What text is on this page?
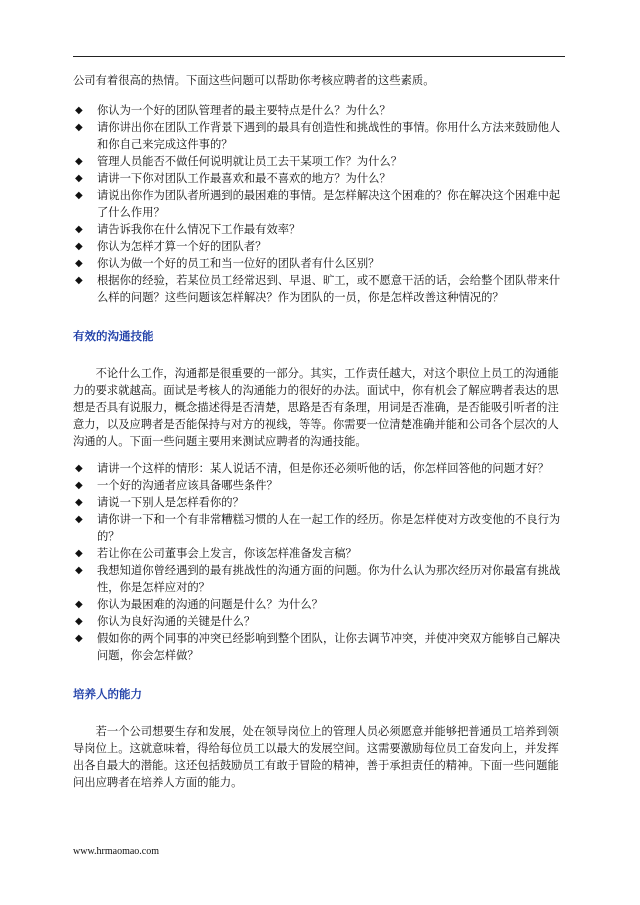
公司有着很高的热情。下面这些问题可以帮助你考核应聘者的这些素质。

◆ 你认为一个好的团队管理者的最主要特点是什么？为什么？
◆ 请你讲出你在团队工作背景下遇到的最具有创造性和挑战性的事情。你用什么方法来鼓励他人和你自己来完成这件事的？
◆ 管理人员能否不做任何说明就让员工去干某项工作？为什么？
◆ 请讲一下你对团队工作最喜欢和最不喜欢的地方？为什么？
◆ 请说出你作为团队者所遇到的最困难的事情。是怎样解决这个困难的？你在解决这个困难中起了什么作用？
◆ 请告诉我你在什么情况下工作最有效率？
◆ 你认为怎样才算一个好的团队者？
◆ 你认为做一个好的员工和当一位好的团队者有什么区别？
◆ 根据你的经验，若某位员工经常迟到、早退、旷工，或不愿意干活的话，会给整个团队带来什么样的问题？这些问题该怎样解决？作为团队的一员，你是怎样改善这种情况的？
有效的沟通技能

不论什么工作，沟通都是很重要的一部分。其实，工作责任越大，对这个职位上员工的沟通能力的要求就越高。面试是考核人的沟通能力的很好的办法。面试中，你有机会了解应聘者表达的思想是否具有说服力，概念描述得是否清楚，思路是否有条理，用词是否准确，是否能吸引听者的注意力，以及应聘者是否能保持与对方的视线，等等。你需要一位清楚准确并能和公司各个层次的人沟通的人。下面一些问题主要用来测试应聘者的沟通技能。

◆ 请讲一个这样的情形：某人说话不清，但是你还必须听他的话，你怎样回答他的问题才好？
◆ 一个好的沟通者应该具备哪些条件？
◆ 请说一下别人是怎样看你的？
◆ 请你讲一下和一个有非常糟糕习惯的人在一起工作的经历。你是怎样使对方改变他的不良行为的？
◆ 若让你在公司董事会上发言，你该怎样准备发言稿？
◆ 我想知道你曾经遇到的最有挑战性的沟通方面的问题。你为什么认为那次经历对你最富有挑战性，你是怎样应对的？
◆ 你认为最困难的沟通的问题是什么？为什么？
◆ 你认为良好沟通的关键是什么？
◆ 假如你的两个同事的冲突已经影响到整个团队，让你去调节冲突，并使冲突双方能够自己解决问题，你会怎样做？
培养人的能力

若一个公司想要生存和发展，处在领导岗位上的管理人员必须愿意并能够把普通员工培养到领导岗位上。这就意味着，得给每位员工以最大的发展空间。这需要激励每位员工奋发向上，并发挥出各自最大的潜能。这还包括鼓励员工有敢于冒险的精神，善于承担责任的精神。下面一些问题能问出应聘者在培养人方面的能力。

www.hrmaomao.com
